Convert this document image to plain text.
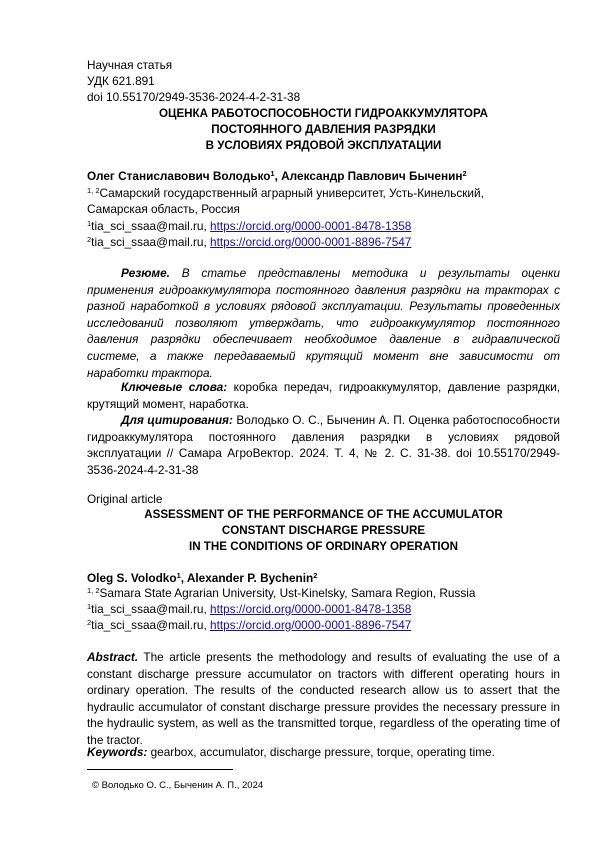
Научная статья
УДК 621.891
doi 10.55170/2949-3536-2024-4-2-31-38
ОЦЕНКА РАБОТОСПОСОБНОСТИ ГИДРОАККУМУЛЯТОРА
ПОСТОЯННОГО ДАВЛЕНИЯ РАЗРЯДКИ
В УСЛОВИЯХ РЯДОВОЙ ЭКСПЛУАТАЦИИ
Олег Станиславович Володько$^1$, Александр Павлович Быченин$^2$
$^{1, 2}$Самарский государственный аграрный университет, Усть-Кинельский,
Самарская область, Россия
$^1$tia_sci_ssaa@mail.ru, https://orcid.org/0000-0001-8478-1358
$^2$tia_sci_ssaa@mail.ru, https://orcid.org/0000-0001-8896-7547

Резюме. В статье представлены методика и результаты оценки применения гидроаккумулятора постоянного давления разрядки на тракторах с разной наработкой в условиях рядовой эксплуатации. Результаты проведенных исследований позволяют утверждать, что гидроаккумулятор постоянного давления разрядки обеспечивает необходимое давление в гидравлической системе, а также передаваемый крутящий момент вне зависимости от наработки трактора.

Ключевые слова: коробка передач, гидроаккумулятор, давление разрядки, крутящий момент, наработка.

Для цитирования: Володько О. С., Быченин А. П. Оценка работоспособности гидроаккумулятора постоянного давления разрядки в условиях рядовой эксплуатации // Самара АгроВектор. 2024. Т. 4, № 2. С. 31-38. doi 10.55170/2949-3536-2024-4-2-31-38

Original article
ASSESSMENT OF THE PERFORMANCE OF THE ACCUMULATOR
CONSTANT DISCHARGE PRESSURE
IN THE CONDITIONS OF ORDINARY OPERATION
Oleg S. Volodko$^1$, Alexander P. Bychenin$^2$
$^{1, 2}$Samara State Agrarian University, Ust-Kinelsky, Samara Region, Russia
$^1$tia_sci_ssaa@mail.ru, https://orcid.org/0000-0001-8478-1358
$^2$tia_sci_ssaa@mail.ru, https://orcid.org/0000-0001-8896-7547

Abstract. The article presents the methodology and results of evaluating the use of a constant discharge pressure accumulator on tractors with different operating hours in ordinary operation. The results of the conducted research allow us to assert that the hydraulic accumulator of constant discharge pressure provides the necessary pressure in the hydraulic system, as well as the transmitted torque, regardless of the operating time of the tractor.

Keywords: gearbox, accumulator, discharge pressure, torque, operating time.

© Володько О. С., Быченин А. П., 2024
